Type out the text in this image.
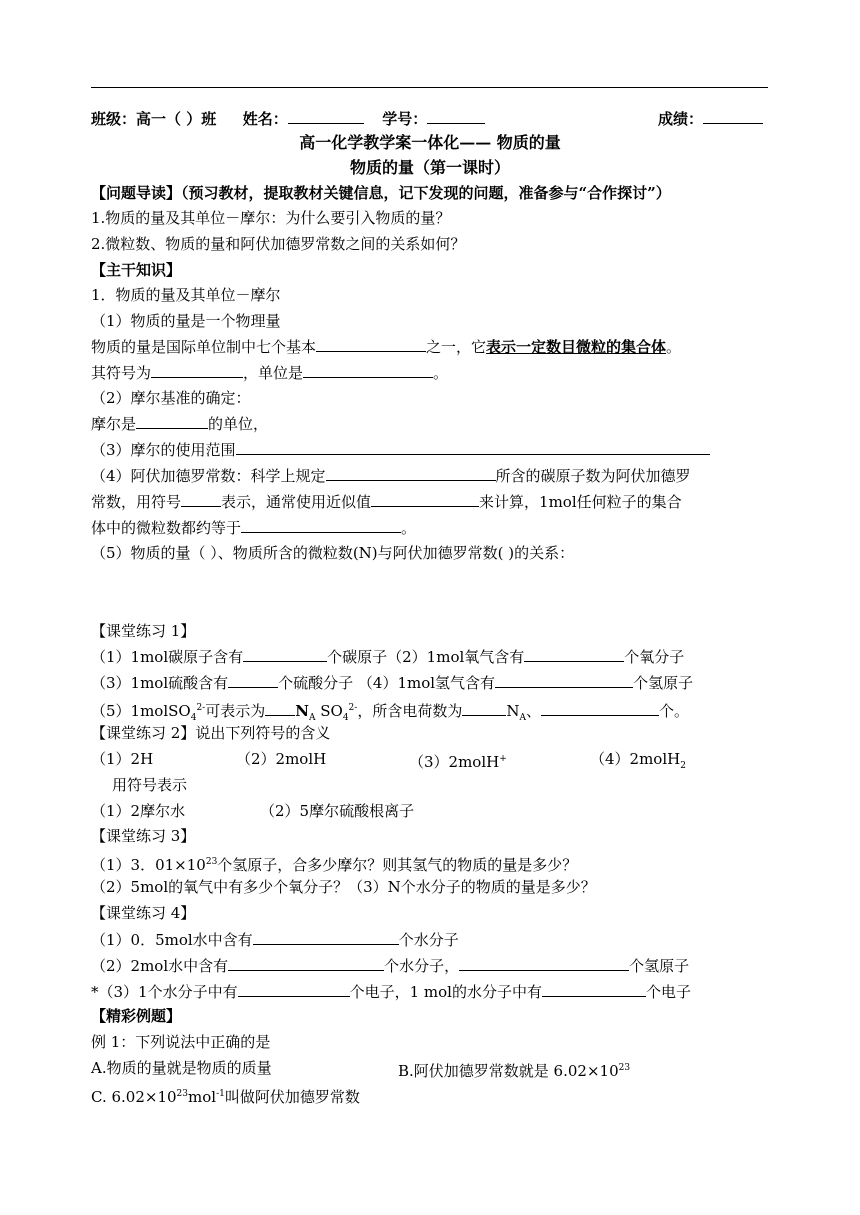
班级：高一（ ）班 姓名：	学号：	成绩：
高一化学教学案一体化—— 物质的量
物质的量（第一课时）
【问题导读】（预习教材，提取教材关键信息，记下发现的问题，准备参与“合作探讨”）
1.物质的量及其单位－摩尔：为什么要引入物质的量？
2.微粒数、物质的量和阿伏加德罗常数之间的关系如何？
【主干知识】
1．物质的量及其单位－摩尔
（1）物质的量是一个物理量
物质的量是国际单位制中七个基本	之一，它表示一定数目微粒的集合体。
其符号为	，单位是	。
（2）摩尔基准的确定：
摩尔是	的单位，
（3）摩尔的使用范围
（4）阿伏加德罗常数：科学上规定	所含的碳原子数为阿伏加德罗
常数，用符号	表示，通常使用近似值	来计算，1mol任何粒子的集合
体中的微粒数都约等于	。
（5）物质的量（ ）、物质所含的微粒数(N)与阿伏加德罗常数( )的关系：
【课堂练习 1】
（1）1mol碳原子含有	个碳原子（2）1mol氧气含有	个氧分子
（3）1mol硫酸含有	个硫酸分子 （4）1mol氢气含有	个氢原子
（5）1molSO$_4^{2-}$可表示为 $N_A$ $SO_4^{2-}$，所含电荷数为	$N_A$、	个。
【课堂练习 2】说出下列符号的含义
（1）2H	（2）2molH	（3）2molH+	（4）2molH$_2$
用符号表示
（1）2摩尔水	（2）5摩尔硫酸根离子
【课堂练习 3】
（1）3．$01\times 10^{23}$个氢原子，合多少摩尔？则其氢气的物质的量是多少？
（2）5mol的氧气中有多少个氧分子？（3）N个水分子的物质的量是多少？
【课堂练习 4】
（1）0．5mol水中含有	个水分子
（2）2mol水中含有	个水分子，	个氢原子
*（3）1个水分子中有	个电子，1 mol的水分子中有	个电子
【精彩例题】
例 1：下列说法中正确的是
A.物质的量就是物质的质量	B.阿伏加德罗常数就是 $6.02\times 10^{23}$
C. $6.02\times 10^{23}mol^{-1}$叫做阿伏加德罗常数
